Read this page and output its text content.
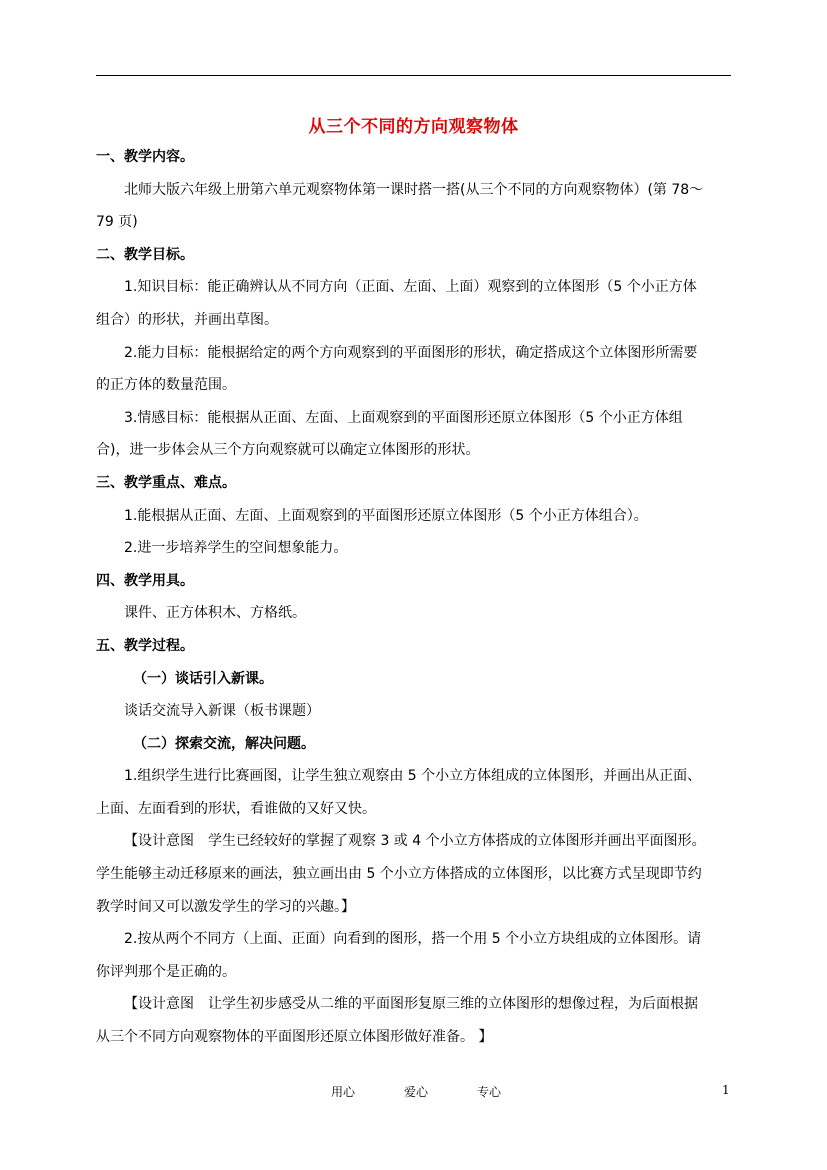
从三个不同的方向观察物体
一、教学内容。
北师大版六年级上册第六单元观察物体第一课时搭一搭(从三个不同的方向观察物体）(第 78～
79 页)
二、教学目标。
1.知识目标：能正确辨认从不同方向（正面、左面、上面）观察到的立体图形（5 个小正方体
组合）的形状，并画出草图。
2.能力目标：能根据给定的两个方向观察到的平面图形的形状，确定搭成这个立体图形所需要
的正方体的数量范围。
3.情感目标：能根据从正面、左面、上面观察到的平面图形还原立体图形（5 个小正方体组
合)，进一步体会从三个方向观察就可以确定立体图形的形状。
三、教学重点、难点。
1.能根据从正面、左面、上面观察到的平面图形还原立体图形（5 个小正方体组合）。
2.进一步培养学生的空间想象能力。
四、教学用具。
课件、正方体积木、方格纸。
五、教学过程。
（一）谈话引入新课。
谈话交流导入新课（板书课题）
（二）探索交流，解决问题。
1.组织学生进行比赛画图，让学生独立观察由 5 个小立方体组成的立体图形，并画出从正面、
上面、左面看到的形状，看谁做的又好又快。
【设计意图　学生已经较好的掌握了观察 3 或 4 个小立方体搭成的立体图形并画出平面图形。
学生能够主动迁移原来的画法，独立画出由 5 个小立方体搭成的立体图形，以比赛方式呈现即节约
教学时间又可以激发学生的学习的兴趣。】
2.按从两个不同方（上面、正面）向看到的图形，搭一个用 5 个小立方块组成的立体图形。请
你评判那个是正确的。
【设计意图　让学生初步感受从二维的平面图形复原三维的立体图形的想像过程，为后面根据
从三个不同方向观察物体的平面图形还原立体图形做好准备。 】
用心	爱心	专心	1
